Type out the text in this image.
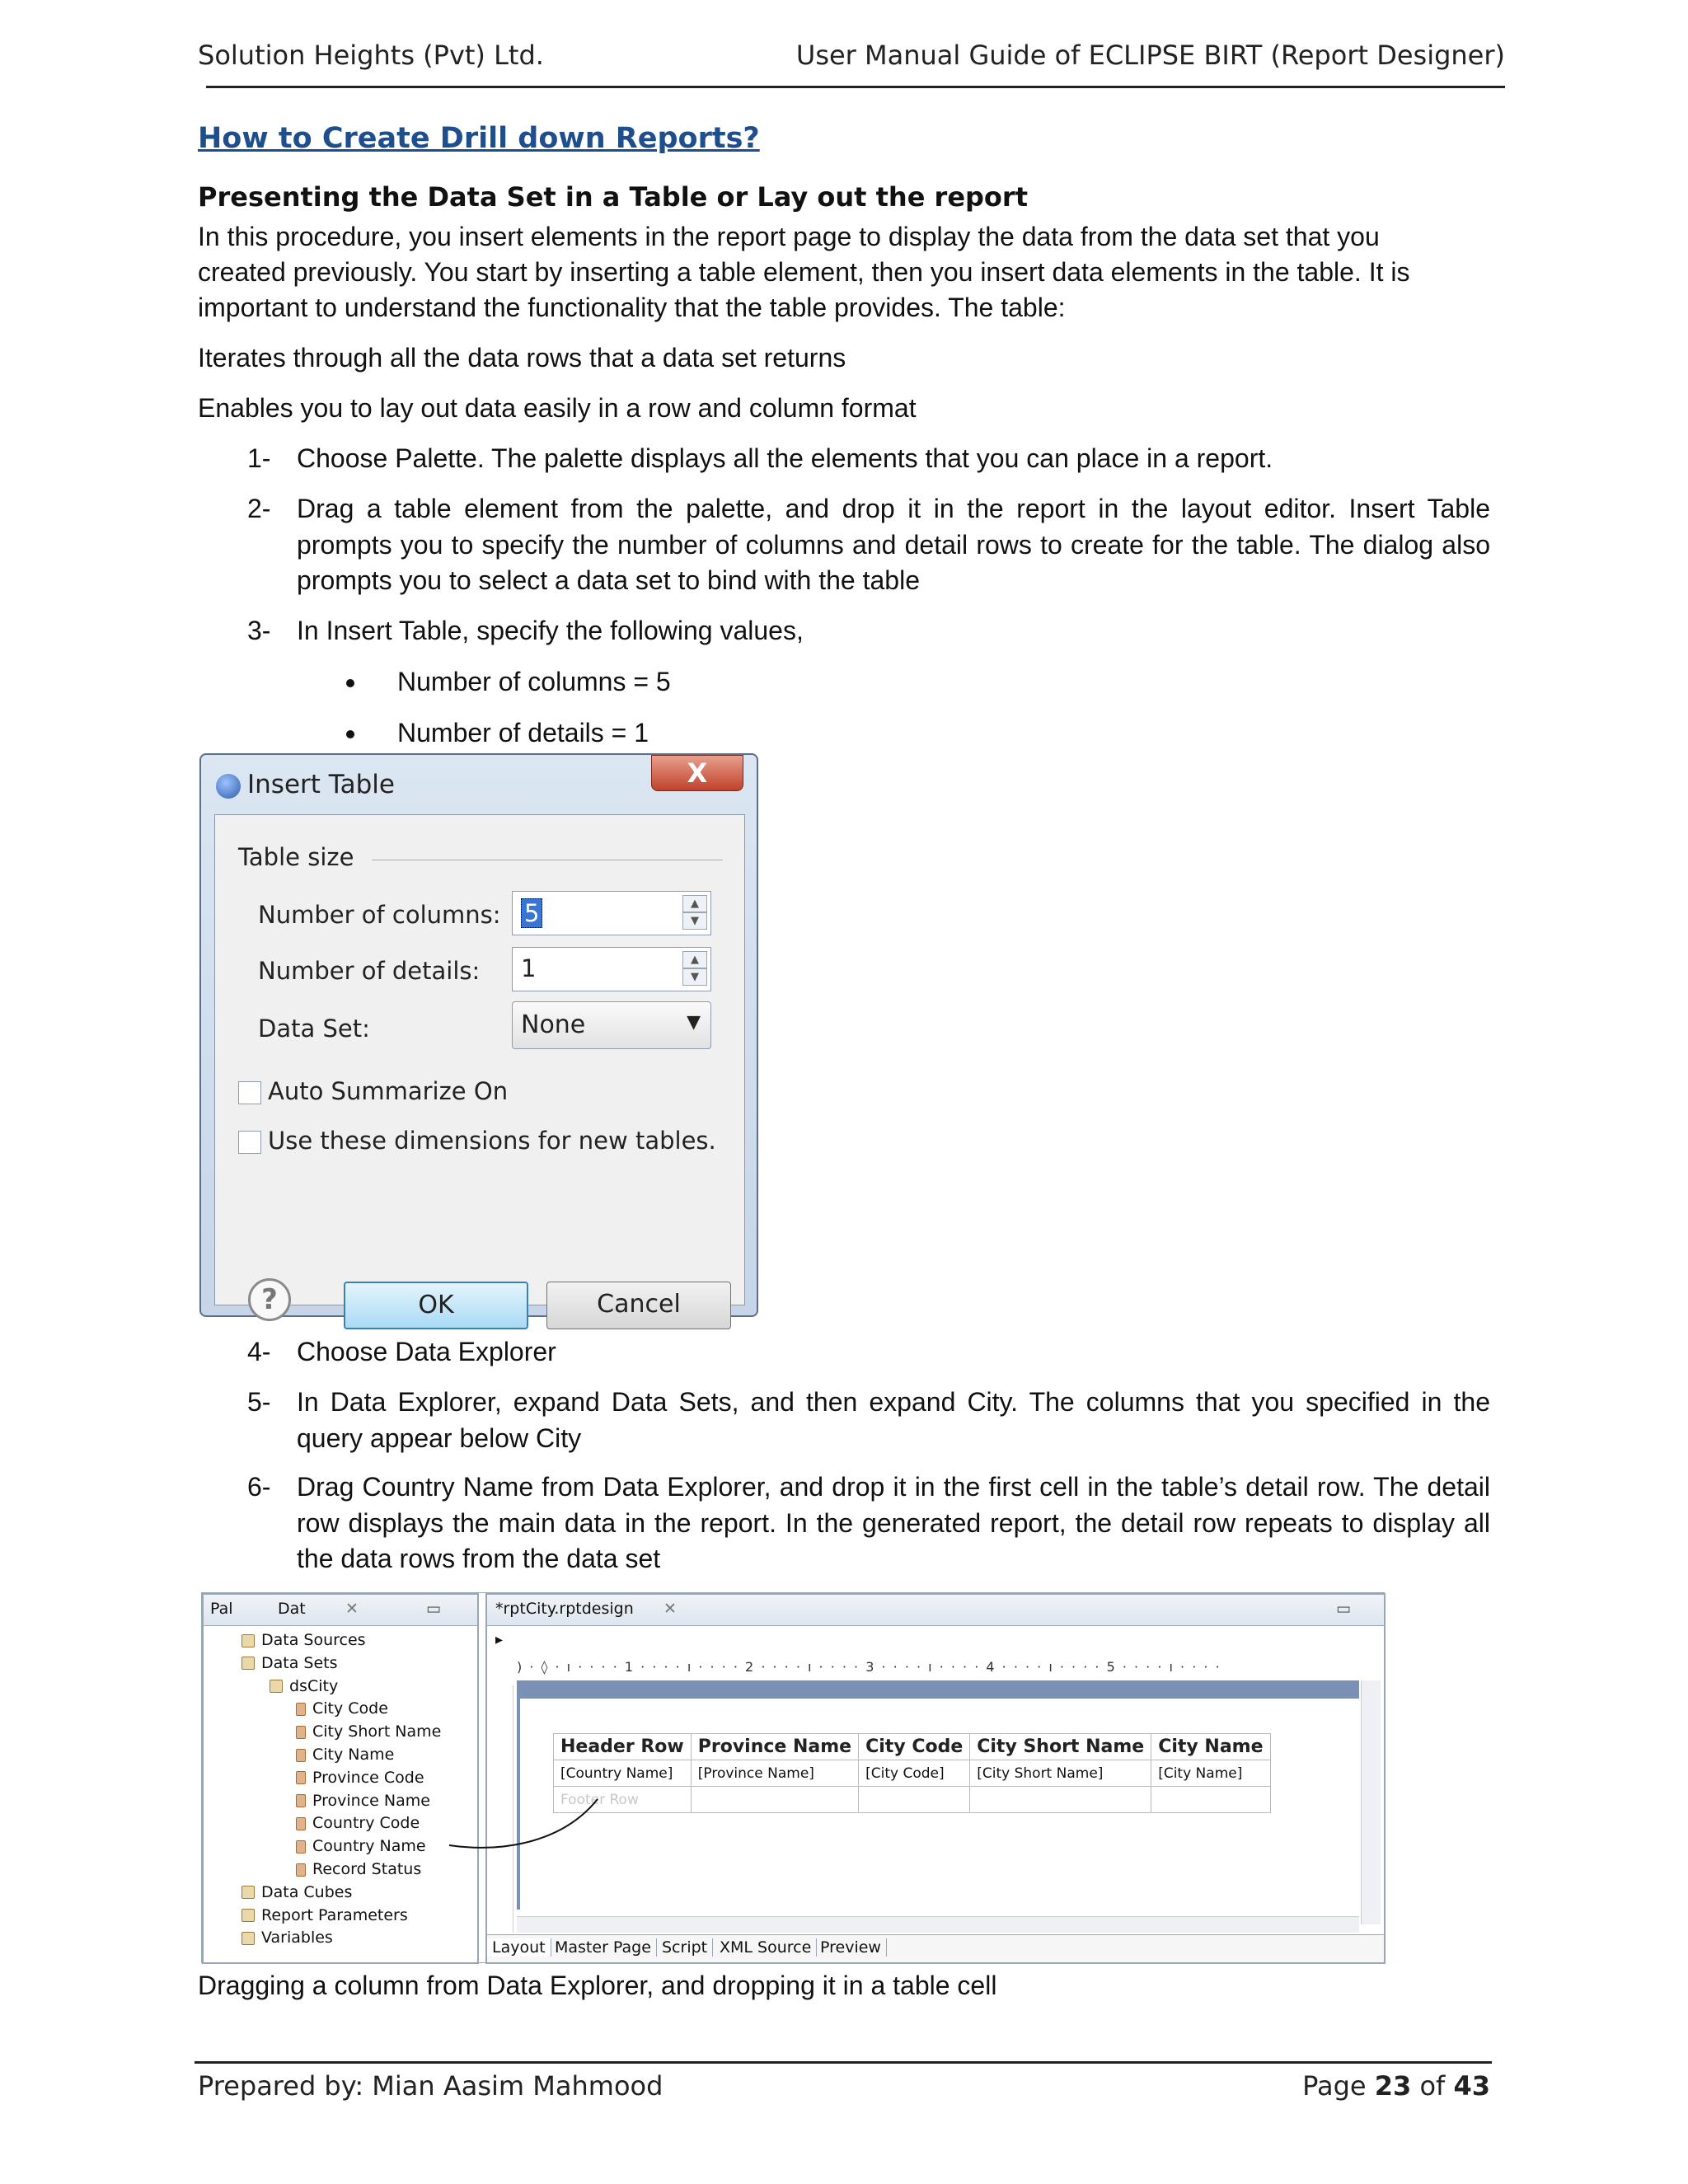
Solution Heights (Pvt) Ltd.	User Manual Guide of ECLIPSE BIRT (Report Designer)
How to Create Drill down Reports?
Presenting the Data Set in a Table or Lay out the report
In this procedure, you insert elements in the report page to display the data from the data set that you
created previously. You start by inserting a table element, then you insert data elements in the table. It is
important to understand the functionality that the table provides. The table:
Iterates through all the data rows that a data set returns
Enables you to lay out data easily in a row and column format
1- Choose Palette. The palette displays all the elements that you can place in a report.
2- Drag a table element from the palette, and drop it in the report in the layout editor. Insert Table prompts you to specify the number of columns and detail rows to create for the table. The dialog also prompts you to select a data set to bind with the table
3- In Insert Table, specify the following values,
Number of columns = 5
Number of details = 1
Insert Table	X
Table size
Number of columns: 5	▲
▼
Number of details: 1	▲
▼
Data Set:	None	▼
Auto Summarize On
Use these dimensions for new tables.
?	OK	Cancel
4- Choose Data Explorer
5- In Data Explorer, expand Data Sets, and then expand City. The columns that you specified in the query appear below City
6- Drag Country Name from Data Explorer, and drop it in the first cell in the table’s detail row. The detail row displays the main data in the report. In the generated report, the detail row repeats to display all the data rows from the data set
Pal	Dat	✕	▭
Data Sources
Data Sets
dsCity
City Code
City Short Name
City Name
Province Code
Province Name
Country Code
Country Name
Record Status
Data Cubes
Report Parameters
Variables
*rptCity.rptdesign ✕	▭
▸
) · ◊ · ı · · · · 1 · · · · ı · · · · 2 · · · · ı · · · · 3 · · · · ı · · · · 4 · · · · ı · · · · 5 · · · · ı · · · ·
Header Row	Province Name	City Code	City Short Name	City Name
[Country Name]	[Province Name]	[City Code]	[City Short Name]	[City Name]
Footer Row				
Layout Master Page Script XML Source Preview
Dragging a column from Data Explorer, and dropping it in a table cell
Prepared by: Mian Aasim Mahmood	Page 23 of 43
